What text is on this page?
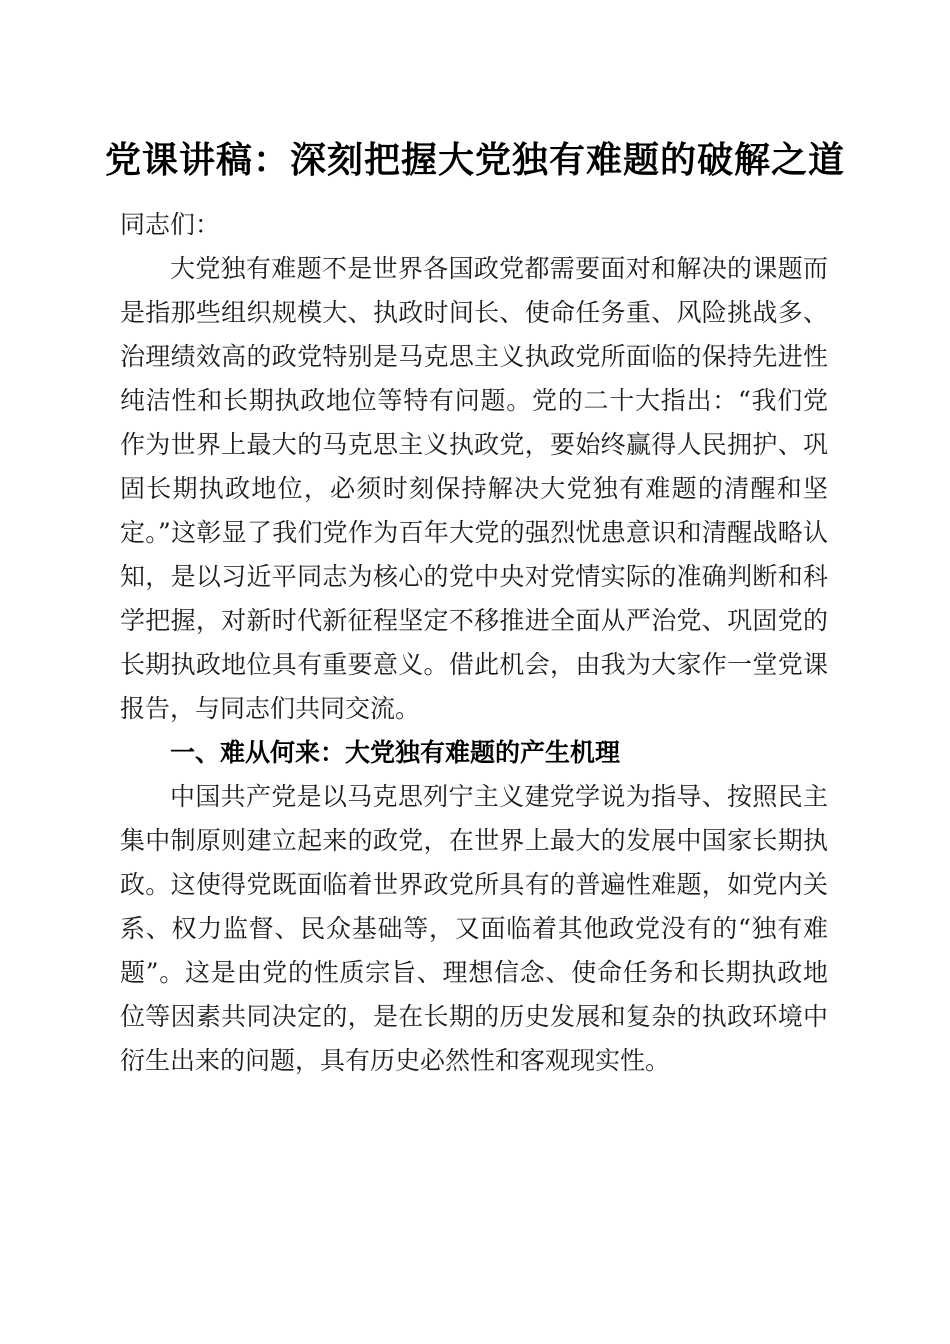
党课讲稿：深刻把握大党独有难题的破解之道

同志们：

大党独有难题不是世界各国政党都需要面对和解决的课题而是指那些组织规模大、执政时间长、使命任务重、风险挑战多、治理绩效高的政党特别是马克思主义执政党所面临的保持先进性纯洁性和长期执政地位等特有问题。党的二十大指出：“我们党作为世界上最大的马克思主义执政党，要始终赢得人民拥护、巩固长期执政地位，必须时刻保持解决大党独有难题的清醒和坚定。”这彰显了我们党作为百年大党的强烈忧患意识和清醒战略认知，是以习近平同志为核心的党中央对党情实际的准确判断和科学把握，对新时代新征程坚定不移推进全面从严治党、巩固党的长期执政地位具有重要意义。借此机会，由我为大家作一堂党课报告，与同志们共同交流。

一、难从何来：大党独有难题的产生机理

中国共产党是以马克思列宁主义建党学说为指导、按照民主集中制原则建立起来的政党，在世界上最大的发展中国家长期执政。这使得党既面临着世界政党所具有的普遍性难题，如党内关系、权力监督、民众基础等，又面临着其他政党没有的“独有难题”。这是由党的性质宗旨、理想信念、使命任务和长期执政地位等因素共同决定的，是在长期的历史发展和复杂的执政环境中衍生出来的问题，具有历史必然性和客观现实性。
